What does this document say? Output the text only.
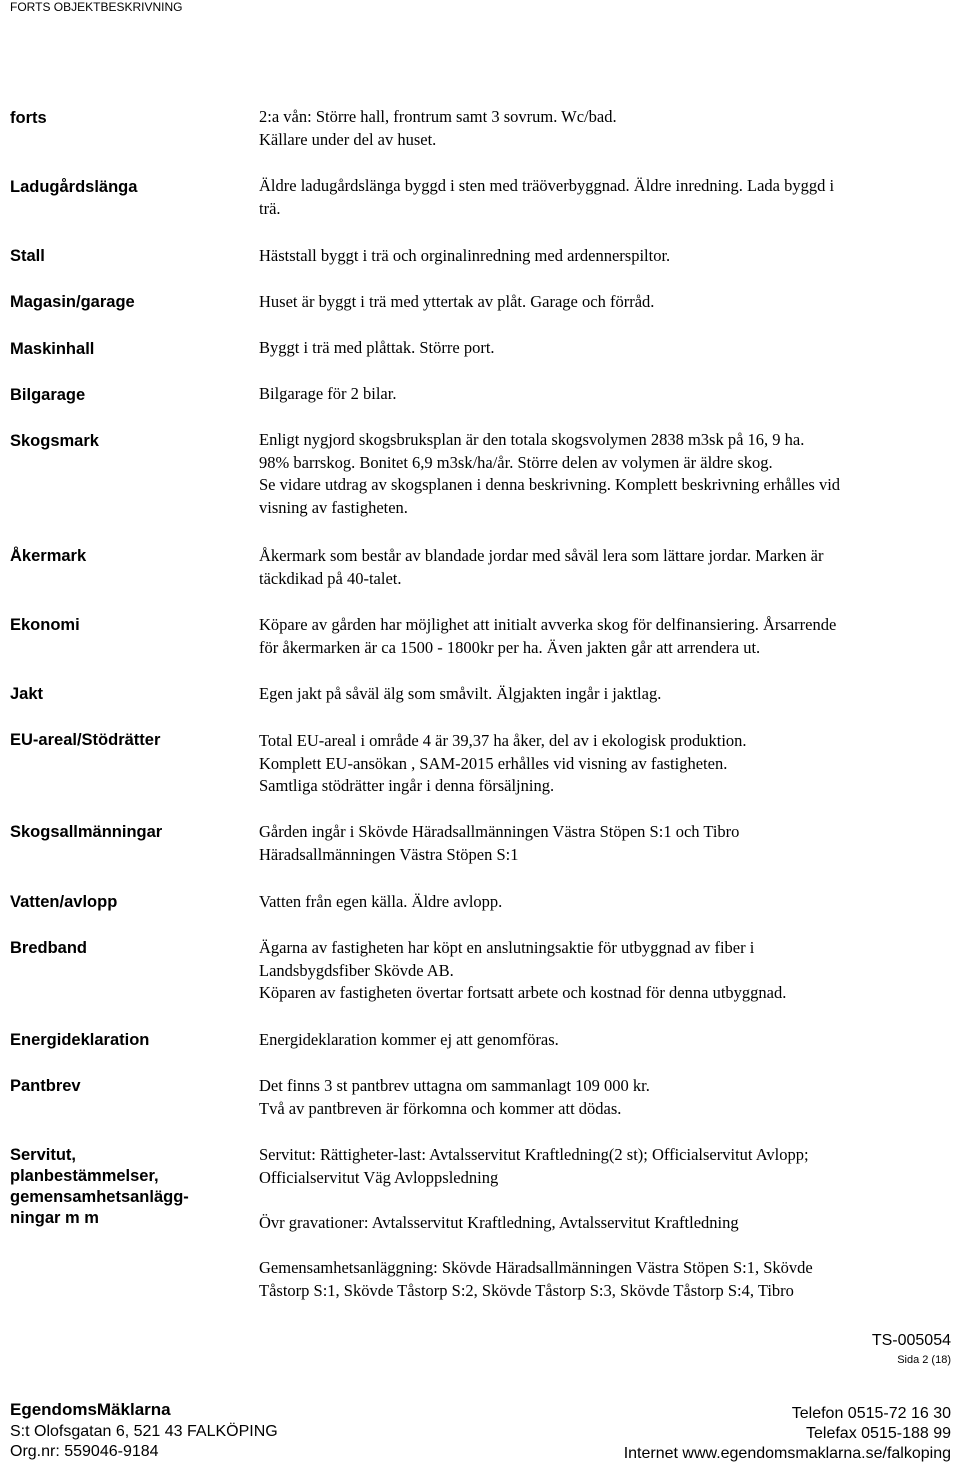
FORTS OBJEKTBESKRIVNING
forts
Ladugårdslänga
Stall
Magasin/garage
Maskinhall
Bilgarage
Skogsmark
Åkermark
Ekonomi
Jakt
EU-areal/Stödrätter
Skogsallmänningar
Vatten/avlopp
Bredband
Energideklaration
Pantbrev
Servitut,
planbestämmelser,
gemensamhetsanlägg-
ningar m m
2:a vån: Större hall, frontrum samt 3 sovrum. Wc/bad.
Källare under del av huset.
Äldre ladugårdslänga byggd i sten med träöverbyggnad. Äldre inredning. Lada byggd i
trä.
Häststall byggt i trä och orginalinredning med ardennerspiltor.
Huset är byggt i trä med yttertak av plåt. Garage och förråd.
Byggt i trä med plåttak. Större port.
Bilgarage för 2 bilar.
Enligt nygjord skogsbruksplan är den totala skogsvolymen 2838 m3sk på 16, 9 ha.
98% barrskog. Bonitet 6,9 m3sk/ha/år. Större delen av volymen är äldre skog.
Se vidare utdrag av skogsplanen i denna beskrivning. Komplett beskrivning erhålles vid
visning av fastigheten.
Åkermark som består av blandade jordar med såväl lera som lättare jordar. Marken är
täckdikad på 40-talet.
Köpare av gården har möjlighet att initialt avverka skog för delfinansiering. Årsarrende
för åkermarken är ca 1500 - 1800kr per ha. Även jakten går att arrendera ut.
Egen jakt på såväl älg som småvilt. Älgjakten ingår i jaktlag.
Total EU-areal i område 4 är 39,37 ha åker, del av i ekologisk produktion.
Komplett EU-ansökan , SAM-2015 erhålles vid visning av fastigheten.
Samtliga stödrätter ingår i denna försäljning.
Gården ingår i Skövde Häradsallmänningen Västra Stöpen S:1 och Tibro
Häradsallmänningen Västra Stöpen S:1
Vatten från egen källa. Äldre avlopp.
Ägarna av fastigheten har köpt en anslutningsaktie för utbyggnad av fiber i
Landsbygdsfiber Skövde AB.
Köparen av fastigheten övertar fortsatt arbete och kostnad för denna utbyggnad.
Energideklaration kommer ej att genomföras.
Det finns 3 st pantbrev uttagna om sammanlagt 109 000 kr.
Två av pantbreven är förkomna och kommer att dödas.
Servitut: Rättigheter-last: Avtalsservitut Kraftledning(2 st); Officialservitut Avlopp;
Officialservitut Väg Avloppsledning
Övr gravationer: Avtalsservitut Kraftledning, Avtalsservitut Kraftledning
Gemensamhetsanläggning: Skövde Häradsallmänningen Västra Stöpen S:1, Skövde
Tåstorp S:1, Skövde Tåstorp S:2, Skövde Tåstorp S:3, Skövde Tåstorp S:4, Tibro
TS-005054
Sida 2 (18)
EgendomsMäklarna
S:t Olofsgatan 6, 521 43 FALKÖPING
Org.nr: 559046-9184
Telefon 0515-72 16 30
Telefax 0515-188 99
Internet www.egendomsmaklarna.se/falkoping
